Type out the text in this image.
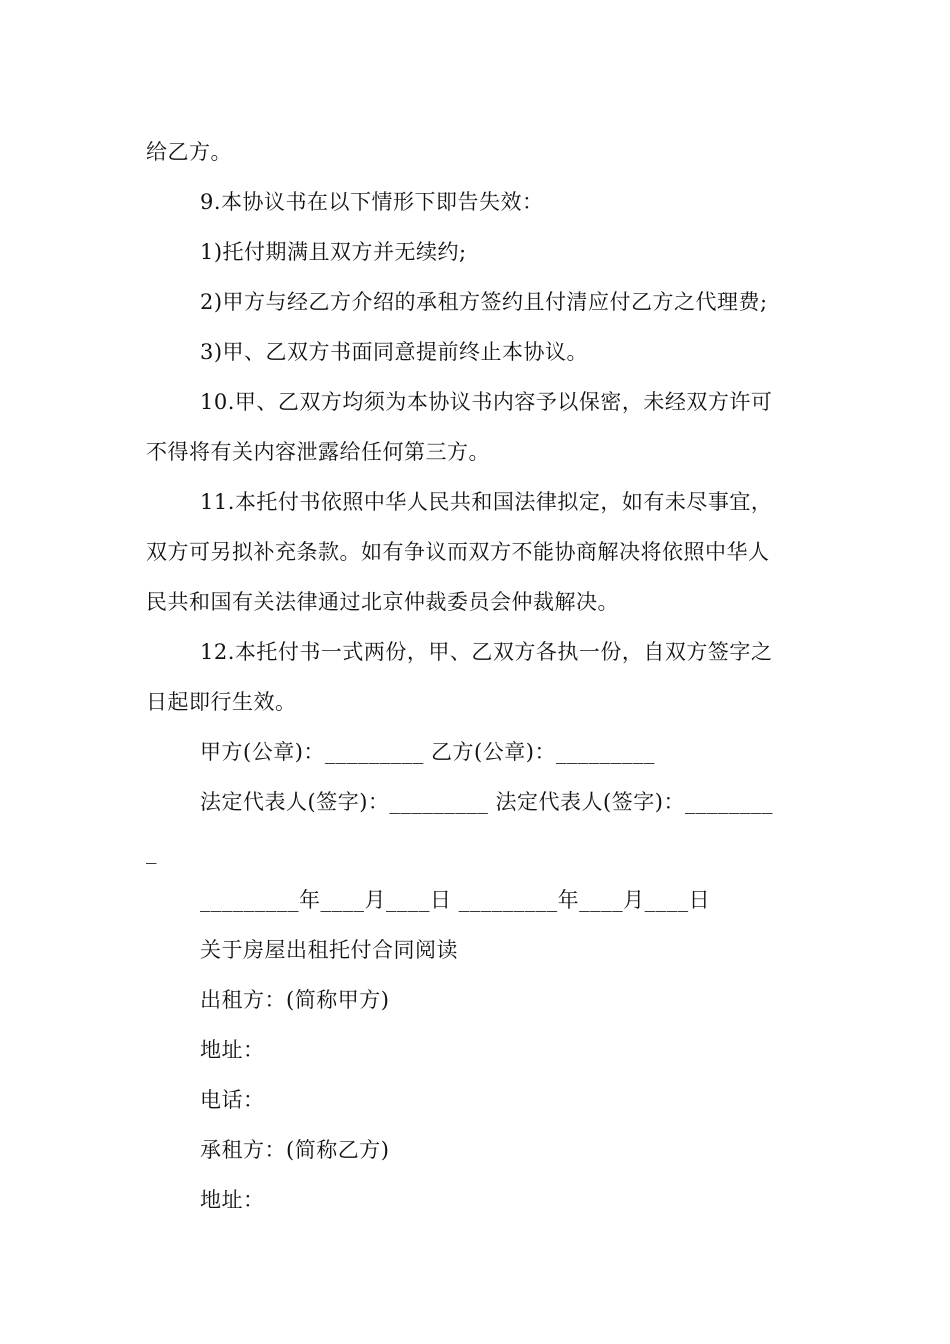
给乙方。
9.本协议书在以下情形下即告失效：
1)托付期满且双方并无续约;
2)甲方与经乙方介绍的承租方签约且付清应付乙方之代理费;
3)甲、乙双方书面同意提前终止本协议。
10.甲、乙双方均须为本协议书内容予以保密，未经双方许可
不得将有关内容泄露给任何第三方。
11.本托付书依照中华人民共和国法律拟定，如有未尽事宜，
双方可另拟补充条款。如有争议而双方不能协商解决将依照中华人
民共和国有关法律通过北京仲裁委员会仲裁解决。
12.本托付书一式两份，甲、乙双方各执一份，自双方签字之
日起即行生效。
甲方(公章)：_________ 乙方(公章)：_________
法定代表人(签字)：_________ 法定代表人(签字)：________
_
_________年____月____日 _________年____月____日
关于房屋出租托付合同阅读
出租方：(简称甲方)
地址：
电话：
承租方：(简称乙方)
地址：
